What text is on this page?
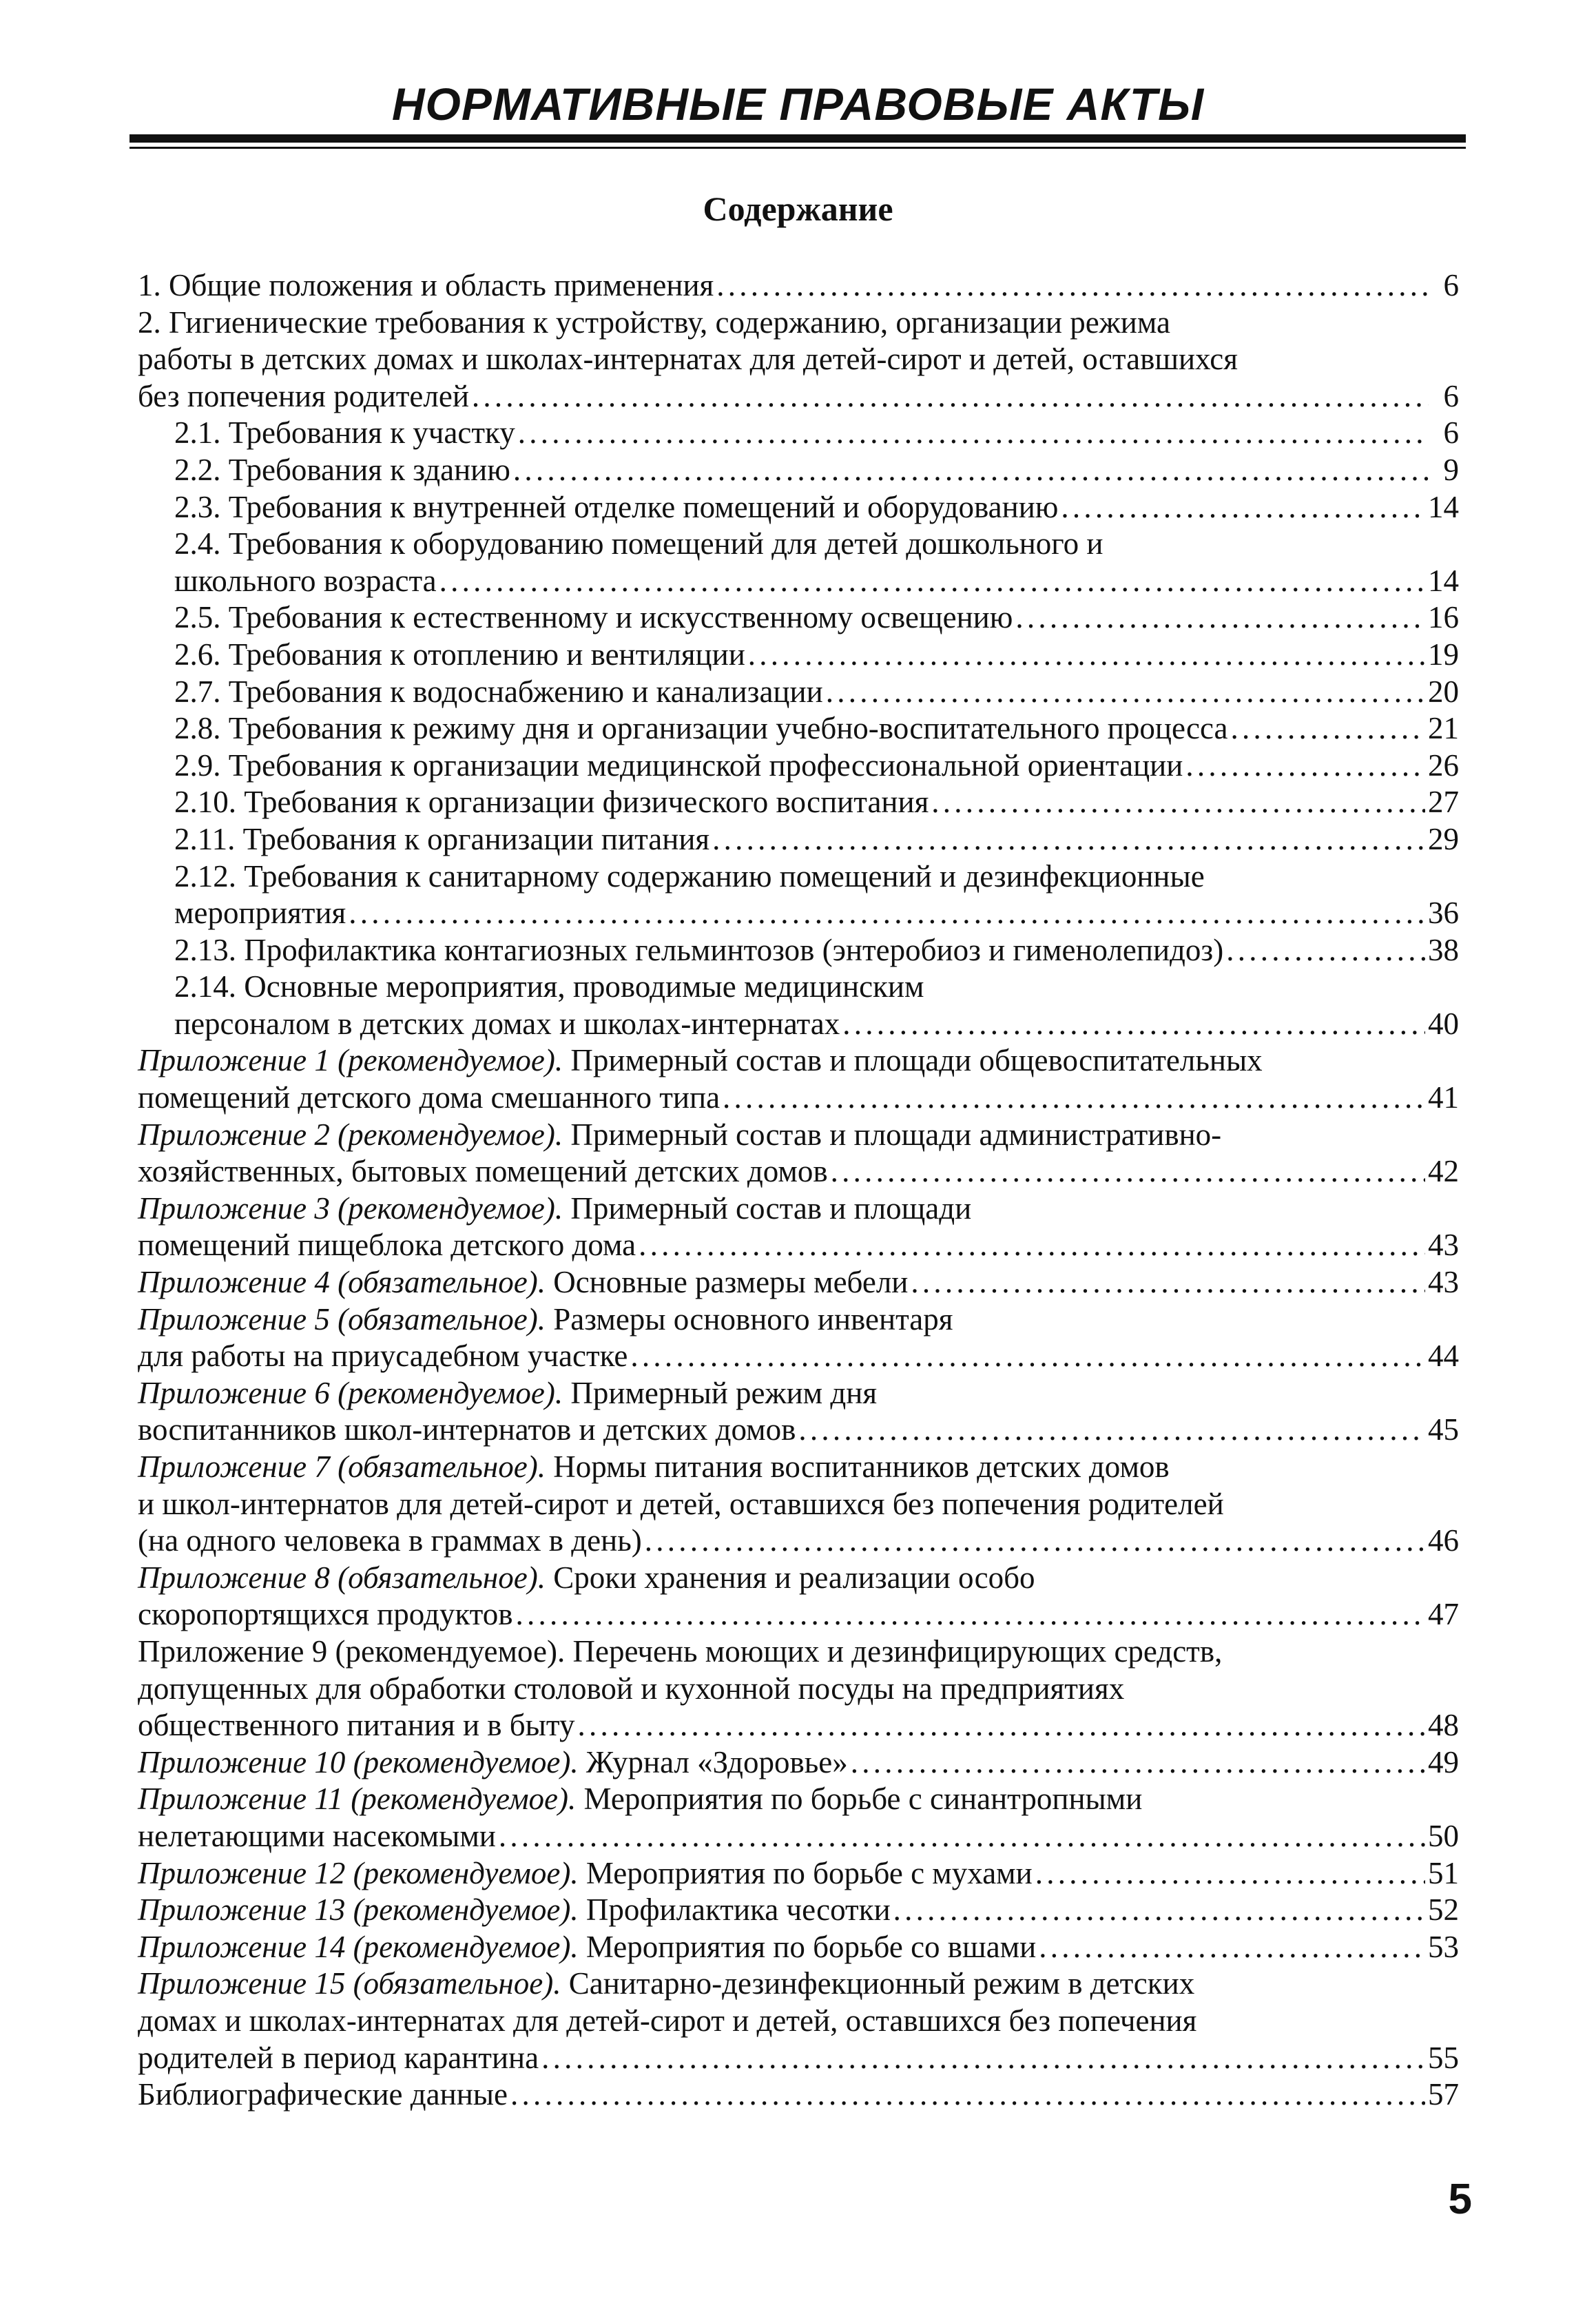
НОРМАТИВНЫЕ ПРАВОВЫЕ АКТЫ
Содержание
1. Общие положения и область применения . . .	6
2. Гигиенические требования к устройству, содержанию, организации режима
работы в детских домах и школах-интернатах для детей-сирот и детей, оставшихся
без попечения родителей . . .	6
2.1. Требования к участку . . .	6
2.2. Требования к зданию . . .	9
2.3. Требования к внутренней отделке помещений и оборудованию . . .	14
2.4. Требования к оборудованию помещений для детей дошкольного и
школьного возраста . . .	14
2.5. Требования к естественному и искусственному освещению . . .	16
2.6. Требования к отоплению и вентиляции . . .	19
2.7. Требования к водоснабжению и канализации . . .	20
2.8. Требования к режиму дня и организации учебно-воспитательного процесса . . .	21
2.9. Требования к организации медицинской профессиональной ориентации . . .	26
2.10. Требования к организации физического воспитания . . .	27
2.11. Требования к организации питания . . .	29
2.12. Требования к санитарному содержанию помещений и дезинфекционные
мероприятия . . .	36
2.13. Профилактика контагиозных гельминтозов (энтеробиоз и гименолепидоз) . . .	38
2.14. Основные мероприятия, проводимые медицинским
персоналом в детских домах и школах-интернатах . . .	40
Приложение 1 (рекомендуемое). Примерный состав и площади общевоспитательных
помещений детского дома смешанного типа . . .	41
Приложение 2 (рекомендуемое). Примерный состав и площади административно-
хозяйственных, бытовых помещений детских домов . . .	42
Приложение 3 (рекомендуемое). Примерный состав и площади
помещений пищеблока детского дома . . .	43
Приложение 4 (обязательное). Основные размеры мебели . . .	43
Приложение 5 (обязательное). Размеры основного инвентаря
для работы на приусадебном участке . . .	44
Приложение 6 (рекомендуемое). Примерный режим дня
воспитанников школ-интернатов и детских домов . . .	45
Приложение 7 (обязательное). Нормы питания воспитанников детских домов
и школ-интернатов для детей-сирот и детей, оставшихся без попечения родителей
(на одного человека в граммах в день) . . .	46
Приложение 8 (обязательное). Сроки хранения и реализации особо
скоропортящихся продуктов . . .	47
Приложение 9 (рекомендуемое). Перечень моющих и дезинфицирующих средств,
допущенных для обработки столовой и кухонной посуды на предприятиях
общественного питания и в быту . . .	48
Приложение 10 (рекомендуемое). Журнал «Здоровье» . . .	49
Приложение 11 (рекомендуемое). Мероприятия по борьбе с синантропными
нелетающими насекомыми . . .	50
Приложение 12 (рекомендуемое). Мероприятия по борьбе с мухами . . .	51
Приложение 13 (рекомендуемое). Профилактика чесотки . . .	52
Приложение 14 (рекомендуемое). Мероприятия по борьбе со вшами . . .	53
Приложение 15 (обязательное). Санитарно-дезинфекционный режим в детских
домах и школах-интернатах для детей-сирот и детей, оставшихся без попечения
родителей в период карантина . . .	55
Библиографические данные . . .	57
5
